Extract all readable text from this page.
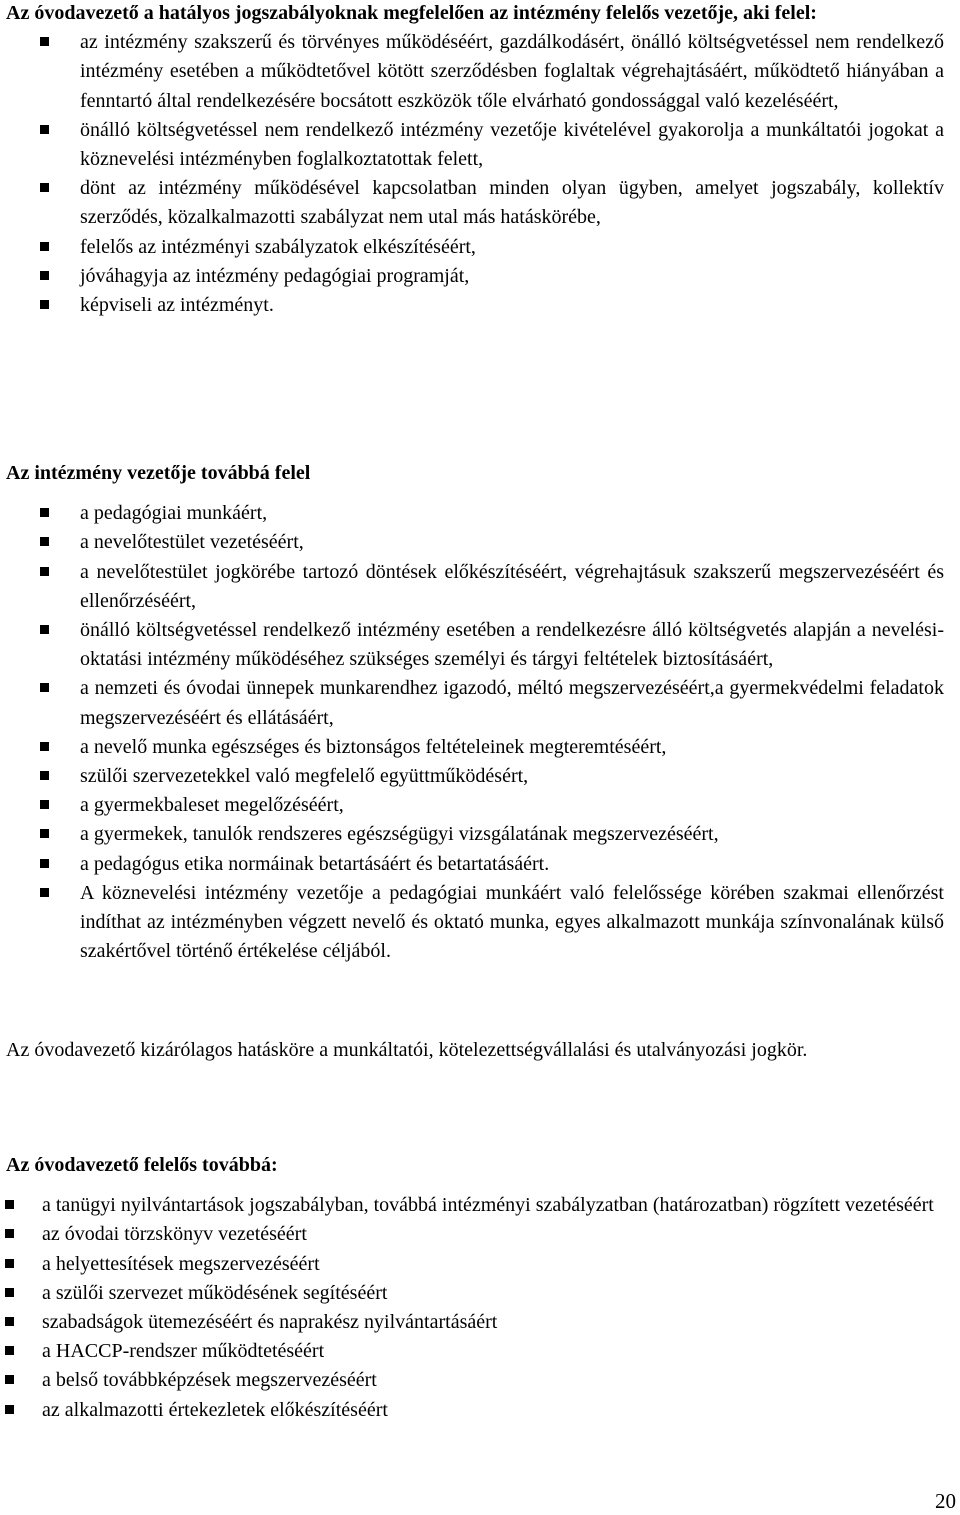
Az óvodavezető a hatályos jogszabályoknak megfelelően az intézmény felelős vezetője, aki felel:

az intézmény szakszerű és törvényes működéséért, gazdálkodásért, önálló költségvetéssel nem rendelkező intézmény esetében a működtetővel kötött szerződésben foglaltak végrehajtásáért, működtető hiányában a fenntartó által rendelkezésére bocsátott eszközök tőle elvárható gondossággal való kezeléséért,
önálló költségvetéssel nem rendelkező intézmény vezetője kivételével gyakorolja a munkáltatói jogokat a köznevelési intézményben foglalkoztatottak felett,
dönt az intézmény működésével kapcsolatban minden olyan ügyben, amelyet jogszabály, kollektív szerződés, közalkalmazotti szabályzat nem utal más hatáskörébe,
felelős az intézményi szabályzatok elkészítéséért,
jóváhagyja az intézmény pedagógiai programját,
képviseli az intézményt.

Az intézmény vezetője továbbá felel

a pedagógiai munkáért,
a nevelőtestület vezetéséért,
a nevelőtestület jogkörébe tartozó döntések előkészítéséért, végrehajtásuk szakszerű megszervezéséért és ellenőrzéséért,
önálló költségvetéssel rendelkező intézmény esetében a rendelkezésre álló költségvetés alapján a nevelési-oktatási intézmény működéséhez szükséges személyi és tárgyi feltételek biztosításáért,
a nemzeti és óvodai ünnepek munkarendhez igazodó, méltó megszervezéséért,a gyermekvédelmi feladatok megszervezéséért és ellátásáért,
a nevelő munka egészséges és biztonságos feltételeinek megteremtéséért,
szülői szervezetekkel való megfelelő együttműködésért,
a gyermekbaleset megelőzéséért,
a gyermekek, tanulók rendszeres egészségügyi vizsgálatának megszervezéséért,
a pedagógus etika normáinak betartásáért és betartatásáért.
A köznevelési intézmény vezetője a pedagógiai munkáért való felelőssége körében szakmai ellenőrzést indíthat az intézményben végzett nevelő és oktató munka, egyes alkalmazott munkája színvonalának külső szakértővel történő értékelése céljából.

Az óvodavezető kizárólagos hatásköre a munkáltatói, kötelezettségvállalási és utalványozási jogkör.

Az óvodavezető felelős továbbá:

a tanügyi nyilvántartások jogszabályban, továbbá intézményi szabályzatban (határozatban) rögzített vezetéséért
az óvodai törzskönyv vezetéséért
a helyettesítések megszervezéséért
a szülői szervezet működésének segítéséért
szabadságok ütemezéséért és naprakész nyilvántartásáért
a HACCP-rendszer működtetéséért
a belső továbbképzések megszervezéséért
az alkalmazotti értekezletek előkészítéséért
20
